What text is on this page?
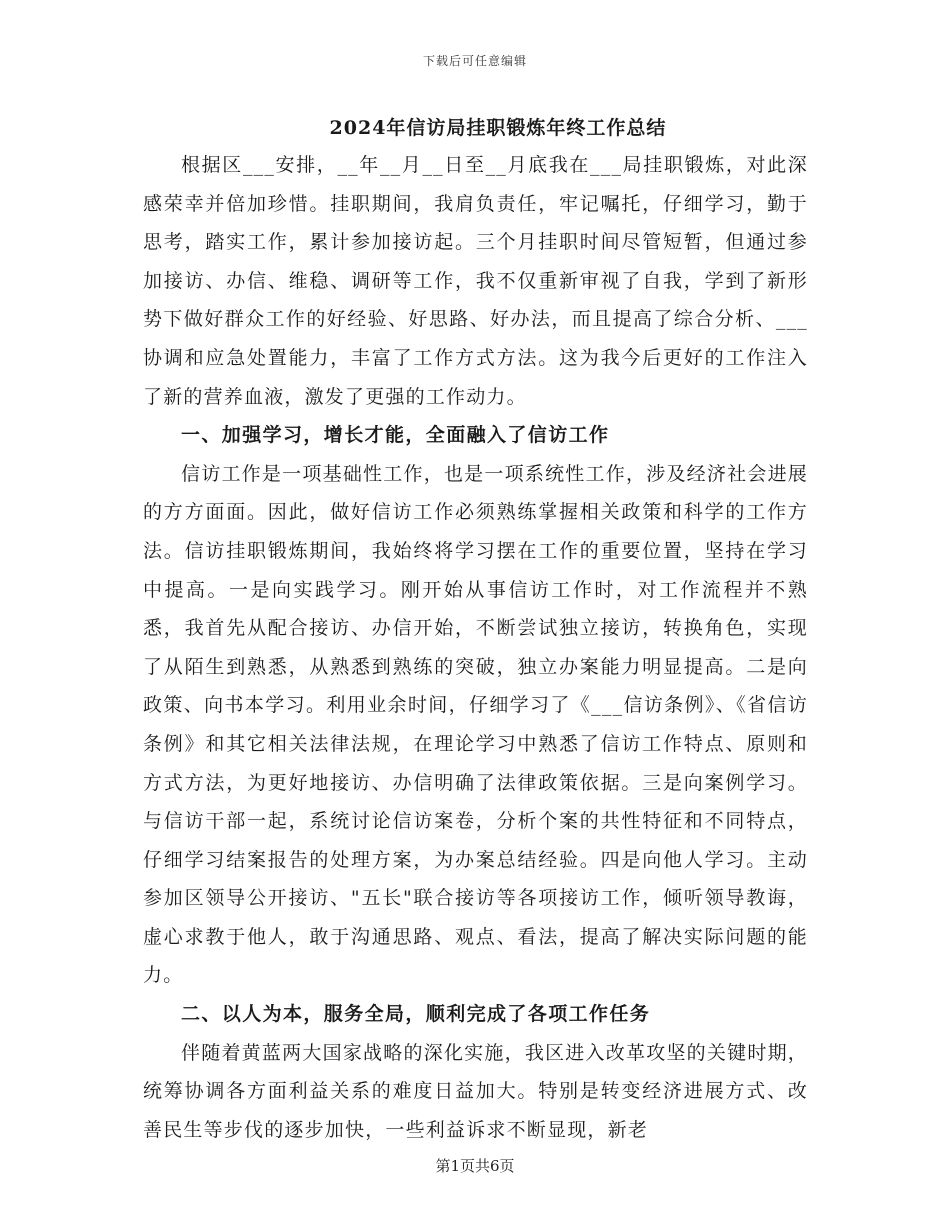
下载后可任意编辑
2024年信访局挂职锻炼年终工作总结

根据区___安排，__年__月__日至__月底我在___局挂职锻炼，对此深感荣幸并倍加珍惜。挂职期间，我肩负责任，牢记嘱托，仔细学习，勤于思考，踏实工作，累计参加接访起。三个月挂职时间尽管短暂，但通过参加接访、办信、维稳、调研等工作，我不仅重新审视了自我，学到了新形势下做好群众工作的好经验、好思路、好办法，而且提高了综合分析、___协调和应急处置能力，丰富了工作方式方法。这为我今后更好的工作注入了新的营养血液，激发了更强的工作动力。

一、加强学习，增长才能，全面融入了信访工作

信访工作是一项基础性工作，也是一项系统性工作，涉及经济社会进展的方方面面。因此，做好信访工作必须熟练掌握相关政策和科学的工作方法。信访挂职锻炼期间，我始终将学习摆在工作的重要位置，坚持在学习中提高。一是向实践学习。刚开始从事信访工作时，对工作流程并不熟悉，我首先从配合接访、办信开始，不断尝试独立接访，转换角色，实现了从陌生到熟悉，从熟悉到熟练的突破，独立办案能力明显提高。二是向政策、向书本学习。利用业余时间，仔细学习了《___信访条例》、《省信访条例》和其它相关法律法规，在理论学习中熟悉了信访工作特点、原则和方式方法，为更好地接访、办信明确了法律政策依据。三是向案例学习。与信访干部一起，系统讨论信访案卷，分析个案的共性特征和不同特点，仔细学习结案报告的处理方案，为办案总结经验。四是向他人学习。主动参加区领导公开接访、"五长"联合接访等各项接访工作，倾听领导教诲，虚心求教于他人，敢于沟通思路、观点、看法，提高了解决实际问题的能力。

二、以人为本，服务全局，顺利完成了各项工作任务

伴随着黄蓝两大国家战略的深化实施，我区进入改革攻坚的关键时期，统筹协调各方面利益关系的难度日益加大。特别是转变经济进展方式、改善民生等步伐的逐步加快，一些利益诉求不断显现，新老

第1页共6页
